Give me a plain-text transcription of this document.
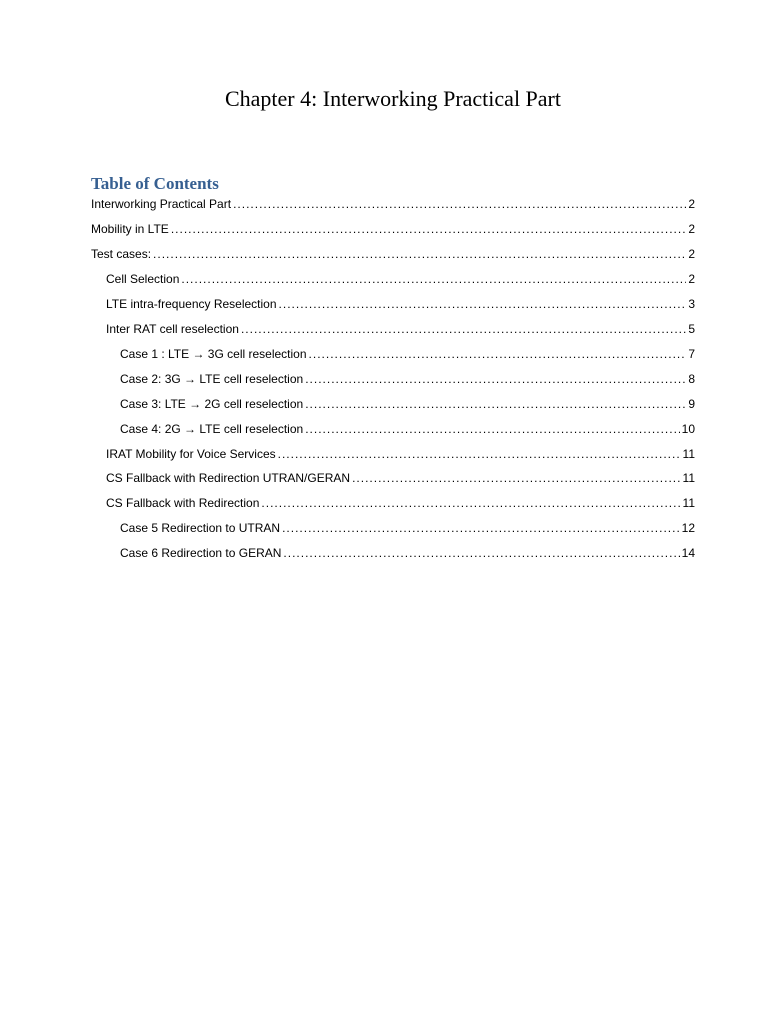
Chapter 4: Interworking Practical Part
Table of Contents
Interworking Practical Part .....	2
Mobility in LTE .....	2
Test cases: .....	2
Cell Selection .....	2
LTE intra-frequency Reselection .....	3
Inter RAT cell reselection .....	5
Case 1 : LTE → 3G cell reselection .....	7
Case 2: 3G → LTE cell reselection .....	8
Case 3: LTE → 2G cell reselection .....	9
Case 4: 2G → LTE cell reselection .....	10
IRAT Mobility for Voice Services .....	11
CS Fallback with Redirection UTRAN/GERAN .....	11
CS Fallback with Redirection .....	11
Case 5 Redirection to UTRAN .....	12
Case 6 Redirection to GERAN .....	14
